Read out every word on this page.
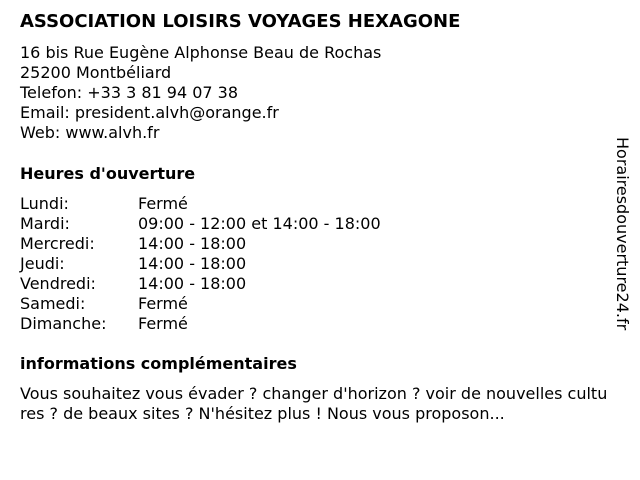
ASSOCIATION LOISIRS VOYAGES HEXAGONE
16 bis Rue Eugène Alphonse Beau de Rochas
25200 Montbéliard
Telefon: +33 3 81 94 07 38
Email: president.alvh@orange.fr
Web: www.alvh.fr
Heures d'ouverture
Lundi:	Fermé
Mardi:	09:00 - 12:00 et 14:00 - 18:00
Mercredi:	14:00 - 18:00
Jeudi:	14:00 - 18:00
Vendredi:	14:00 - 18:00
Samedi:	Fermé
Dimanche:	Fermé
informations complémentaires
Vous souhaitez vous évader ? changer d'horizon ? voir de nouvelles cultures ? de beaux sites ? N'hésitez plus ! Nous vous proposon...
Horairesdouverture24.fr
